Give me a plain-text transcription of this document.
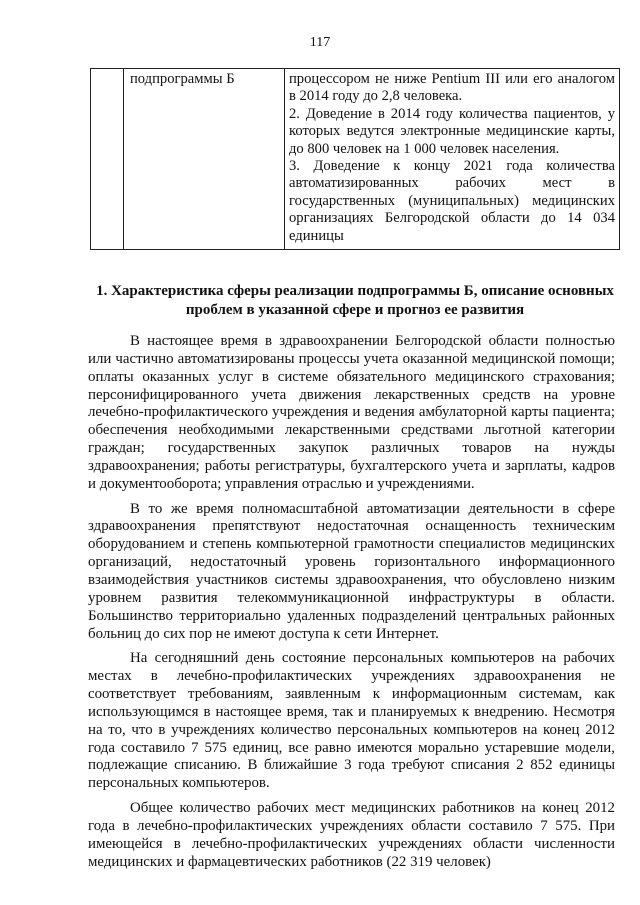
117
	подпрограммы Б	процессором не ниже Pentium III или его аналогом в 2014 году до 2,8 человека.

2. Доведение в 2014 году количества пациентов, у которых ведутся электронные медицинские карты, до 800 человек на 1 000 человек населения.

3. Доведение к концу 2021 года количества автоматизированных рабочих мест в государственных (муниципальных) медицинских организациях Белгородской области до 14 034 единицы

1. Характеристика сферы реализации подпрограммы Б, описание основных проблем в указанной сфере и прогноз ее развития

В настоящее время в здравоохранении Белгородской области полностью или частично автоматизированы процессы учета оказанной медицинской помощи; оплаты оказанных услуг в системе обязательного медицинского страхования; персонифицированного учета движения лекарственных средств на уровне лечебно-профилактического учреждения и ведения амбулаторной карты пациента; обеспечения необходимыми лекарственными средствами льготной категории граждан; государственных закупок различных товаров на нужды здравоохранения; работы регистратуры, бухгалтерского учета и зарплаты, кадров и документооборота; управления отраслью и учреждениями.

В то же время полномасштабной автоматизации деятельности в сфере здравоохранения препятствуют недостаточная оснащенность техническим оборудованием и степень компьютерной грамотности специалистов медицинских организаций, недостаточный уровень горизонтального информационного взаимодействия участников системы здравоохранения, что обусловлено низким уровнем развития телекоммуникационной инфраструктуры в области. Большинство территориально удаленных подразделений центральных районных больниц до сих пор не имеют доступа к сети Интернет.

На сегодняшний день состояние персональных компьютеров на рабочих местах в лечебно-профилактических учреждениях здравоохранения не соответствует требованиям, заявленным к информационным системам, как использующимся в настоящее время, так и планируемых к внедрению. Несмотря на то, что в учреждениях количество персональных компьютеров на конец 2012 года составило 7 575 единиц, все равно имеются морально устаревшие модели, подлежащие списанию. В ближайшие 3 года требуют списания 2 852 единицы персональных компьютеров.

Общее количество рабочих мест медицинских работников на конец 2012 года в лечебно-профилактических учреждениях области составило 7 575. При имеющейся в лечебно-профилактических учреждениях области численности медицинских и фармацевтических работников (22 319 человек)
